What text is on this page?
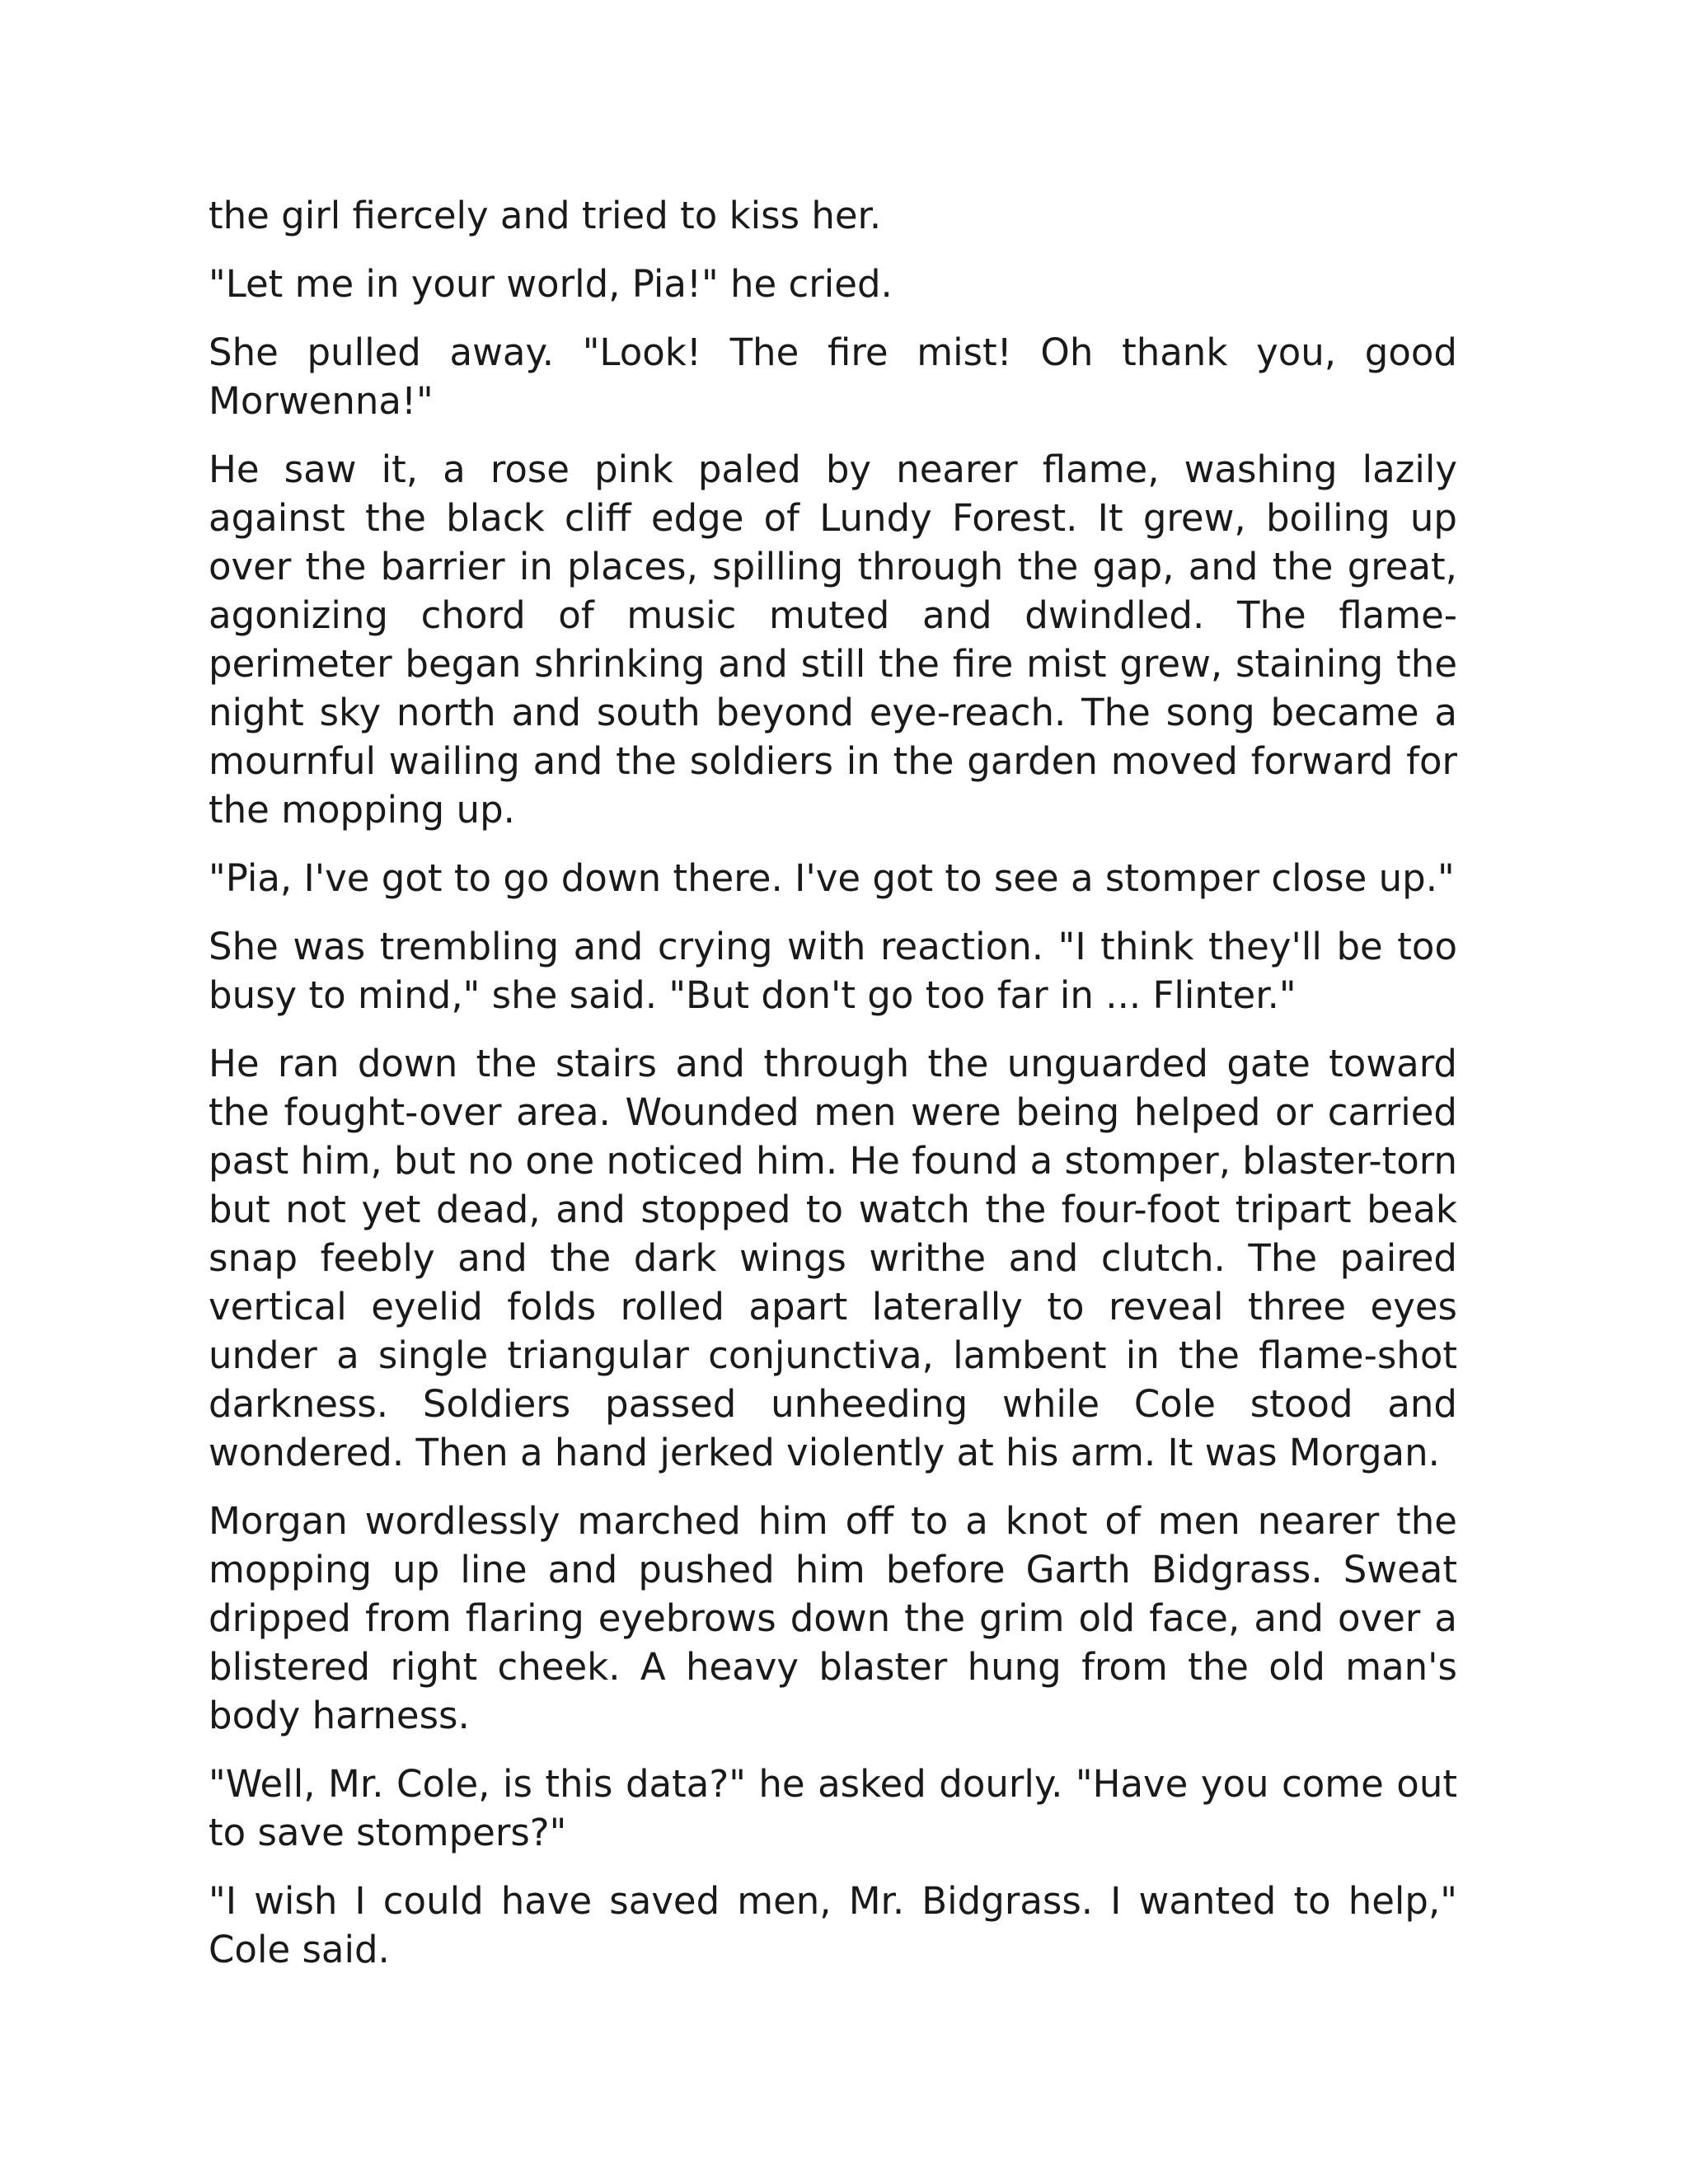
the girl fiercely and tried to kiss her.

"Let me in your world, Pia!" he cried.

She pulled away. "Look! The fire mist! Oh thank you, good Morwenna!"

He saw it, a rose pink paled by nearer flame, washing lazily against the black cliff edge of Lundy Forest. It grew, boiling up over the barrier in places, spilling through the gap, and the great, agonizing chord of music muted and dwindled. The flame-perimeter began shrinking and still the fire mist grew, staining the night sky north and south beyond eye-reach. The song became a mournful wailing and the soldiers in the garden moved forward for the mopping up.

"Pia, I've got to go down there. I've got to see a stomper close up."

She was trembling and crying with reaction. "I think they'll be too busy to mind," she said. "But don't go too far in ... Flinter."

He ran down the stairs and through the unguarded gate toward the fought-over area. Wounded men were being helped or carried past him, but no one noticed him. He found a stomper, blaster-torn but not yet dead, and stopped to watch the four-foot tripart beak snap feebly and the dark wings writhe and clutch. The paired vertical eyelid folds rolled apart laterally to reveal three eyes under a single triangular conjunctiva, lambent in the flame-shot darkness. Soldiers passed unheeding while Cole stood and wondered. Then a hand jerked violently at his arm. It was Morgan.

Morgan wordlessly marched him off to a knot of men nearer the mopping up line and pushed him before Garth Bidgrass. Sweat dripped from flaring eyebrows down the grim old face, and over a blistered right cheek. A heavy blaster hung from the old man's body harness.

"Well, Mr. Cole, is this data?" he asked dourly. "Have you come out to save stompers?"

"I wish I could have saved men, Mr. Bidgrass. I wanted to help," Cole said.
